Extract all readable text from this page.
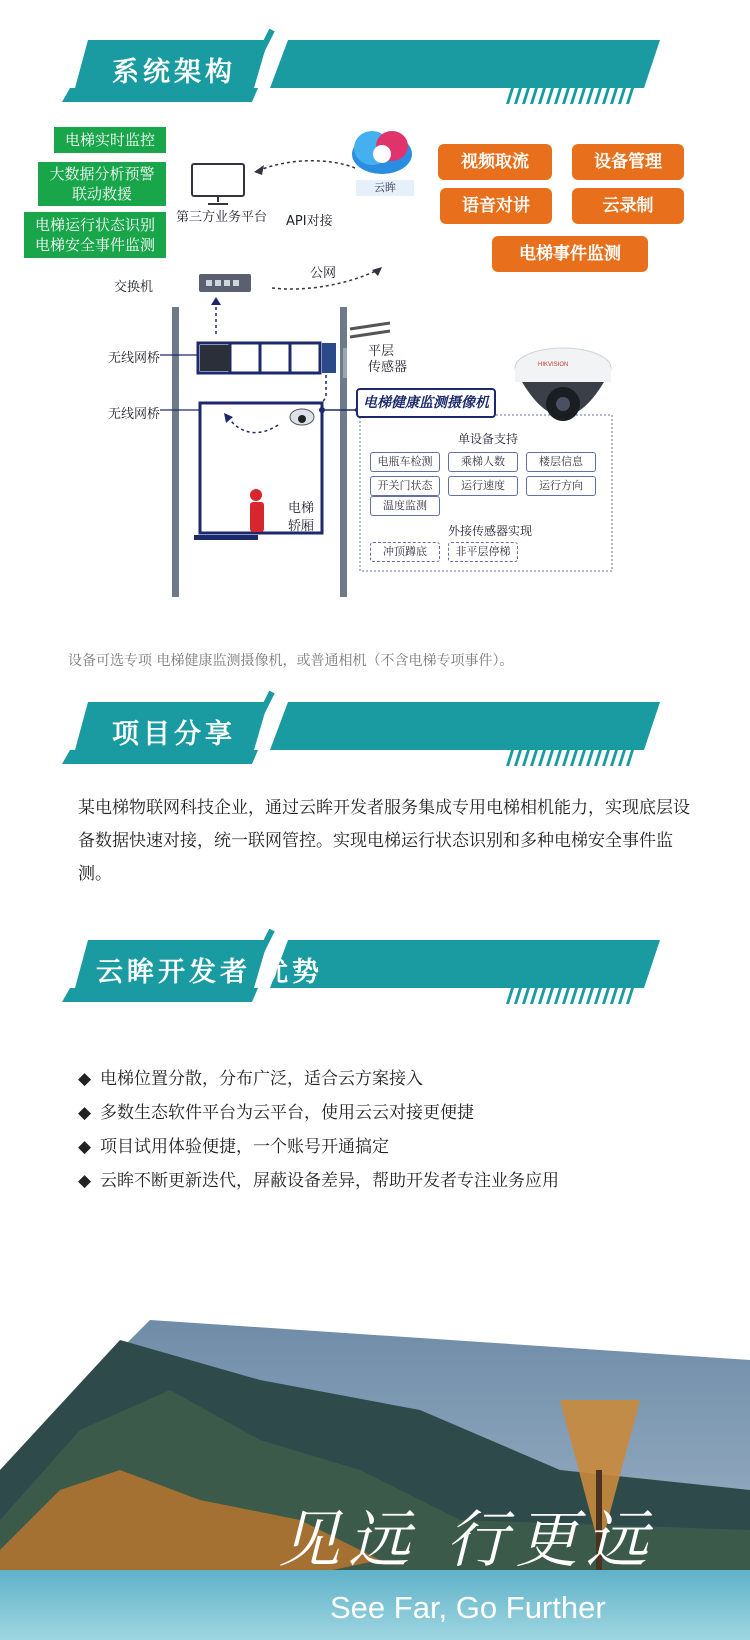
系统架构
电梯实时监控
大数据分析预警
联动救援
电梯运行状态识别
电梯安全事件监测
第三方业务平台
云眸
API对接
视频取流	设备管理
语音对讲	云录制
电梯事件监测
交换机
公网
无线网桥
无线网桥
平层
传感器
电梯
轿厢
电梯健康监测摄像机
HIKVISION
单设备支持
电瓶车检测	乘梯人数	楼层信息
开关门状态	运行速度	运行方向
温度监测
外接传感器实现
冲顶蹲底	非平层停梯
设备可选专项 电梯健康监测摄像机，或普通相机（不含电梯专项事件）。
项目分享
某电梯物联网科技企业，通过云眸开发者服务集成专用电梯相机能力，实现底层设备数据快速对接，统一联网管控。实现电梯运行状态识别和多种电梯安全事件监测。
云眸开发者 优势
◆ 电梯位置分散，分布广泛，适合云方案接入
◆ 多数生态软件平台为云平台，使用云云对接更便捷
◆ 项目试用体验便捷，一个账号开通搞定
◆ 云眸不断更新迭代，屏蔽设备差异，帮助开发者专注业务应用
见远 行更远
See Far, Go Further
